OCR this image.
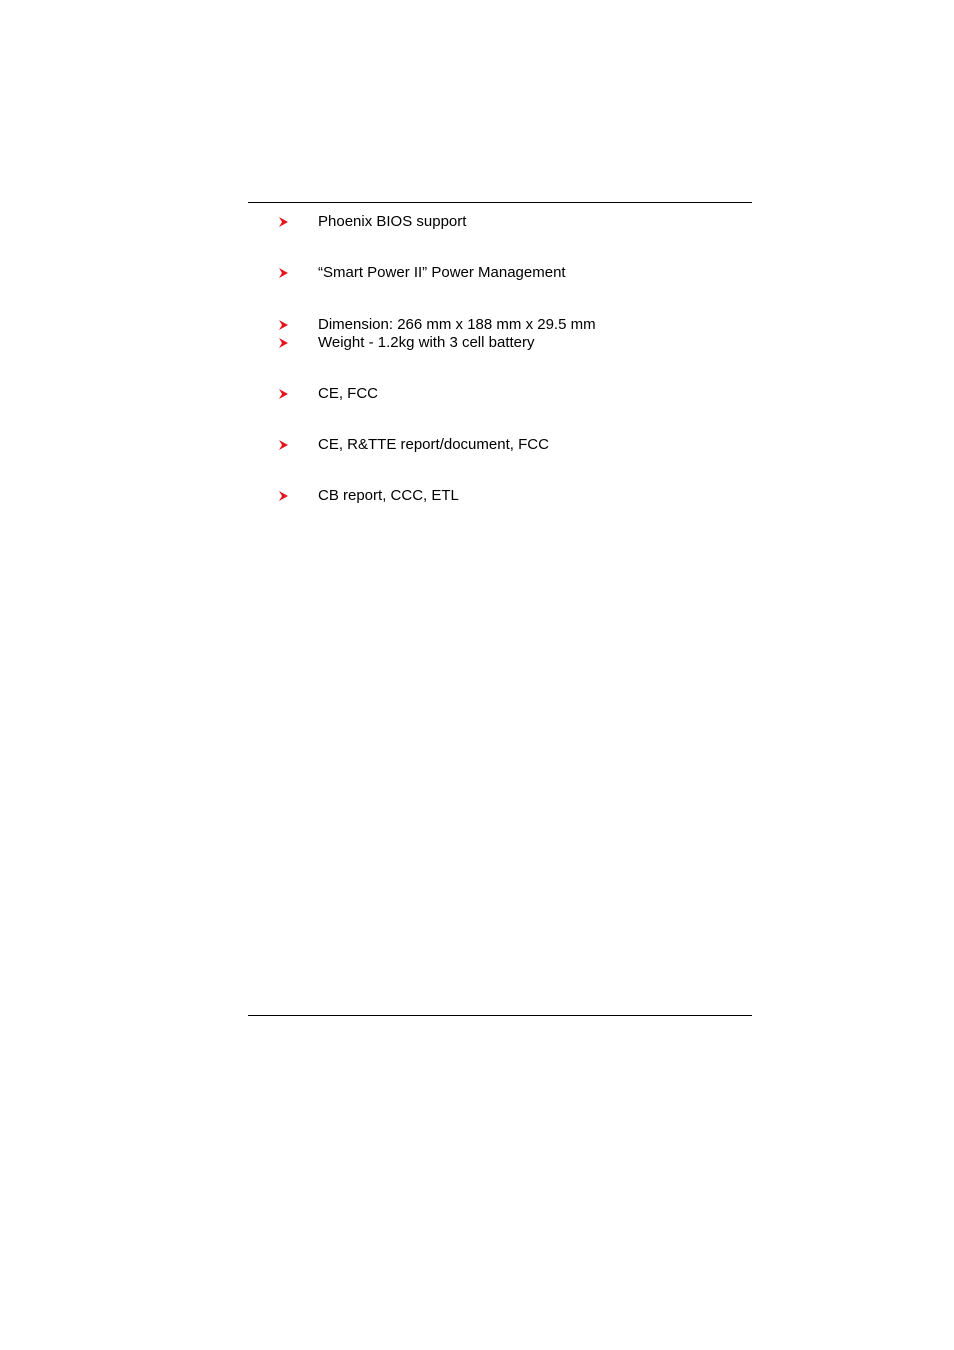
Phoenix BIOS support
“Smart Power II” Power Management
Dimension: 266 mm x 188 mm x 29.5 mm
Weight - 1.2kg with 3 cell battery
CE, FCC
CE, R&TTE report/document, FCC
CB report, CCC, ETL
